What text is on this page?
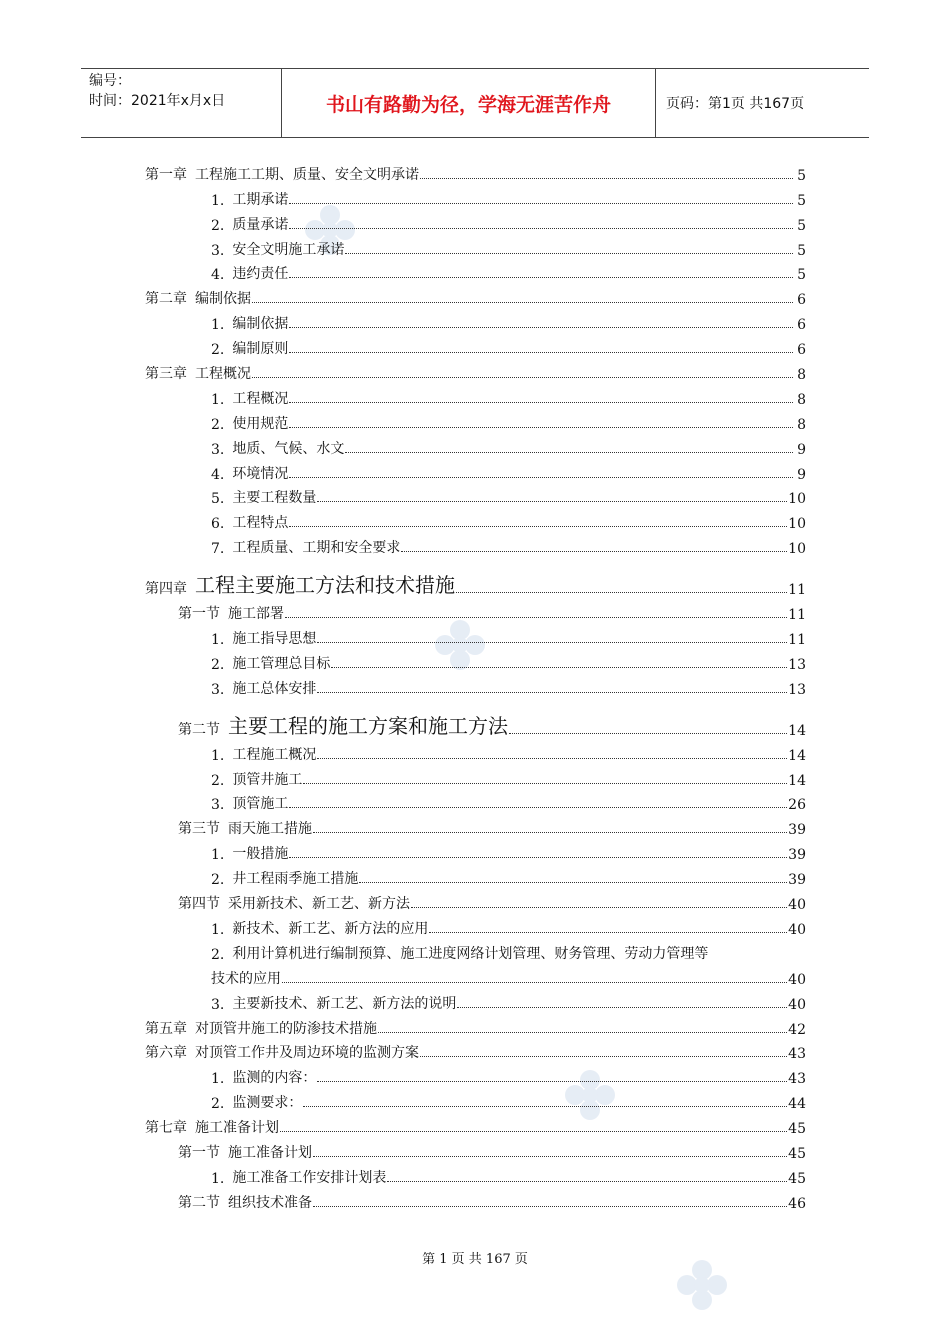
编号：
时间：2021年x月x日	书山有路勤为径，学海无涯苦作舟	页码：第1页 共167页
第一章 工程施工工期、质量、安全文明承诺	5
1. 工期承诺	5
2. 质量承诺	5
3. 安全文明施工承诺	5
4. 违约责任	5
第二章 编制依据	6
1. 编制依据	6
2. 编制原则	6
第三章 工程概况	8
1. 工程概况	8
2. 使用规范	8
3. 地质、气候、水文	9
4. 环境情况	9
5. 主要工程数量	10
6. 工程特点	10
7. 工程质量、工期和安全要求	10
第四章 工程主要施工方法和技术措施	11
第一节 施工部署	11
1. 施工指导思想	11
2. 施工管理总目标	13
3. 施工总体安排	13
第二节 主要工程的施工方案和施工方法	14
1. 工程施工概况	14
2. 顶管井施工	14
3. 顶管施工	26
第三节 雨天施工措施	39
1. 一般措施	39
2. 井工程雨季施工措施	39
第四节 采用新技术、新工艺、新方法	40
1. 新技术、新工艺、新方法的应用	40
2. 利用计算机进行编制预算、施工进度网络计划管理、财务管理、劳动力管理等
技术的应用	40
3. 主要新技术、新工艺、新方法的说明	40
第五章 对顶管井施工的防渗技术措施	42
第六章 对顶管工作井及周边环境的监测方案	43
1. 监测的内容：	43
2. 监测要求：	44
第七章 施工准备计划	45
第一节 施工准备计划	45
1. 施工准备工作安排计划表	45
第二节 组织技术准备	46
第 1 页 共 167 页
